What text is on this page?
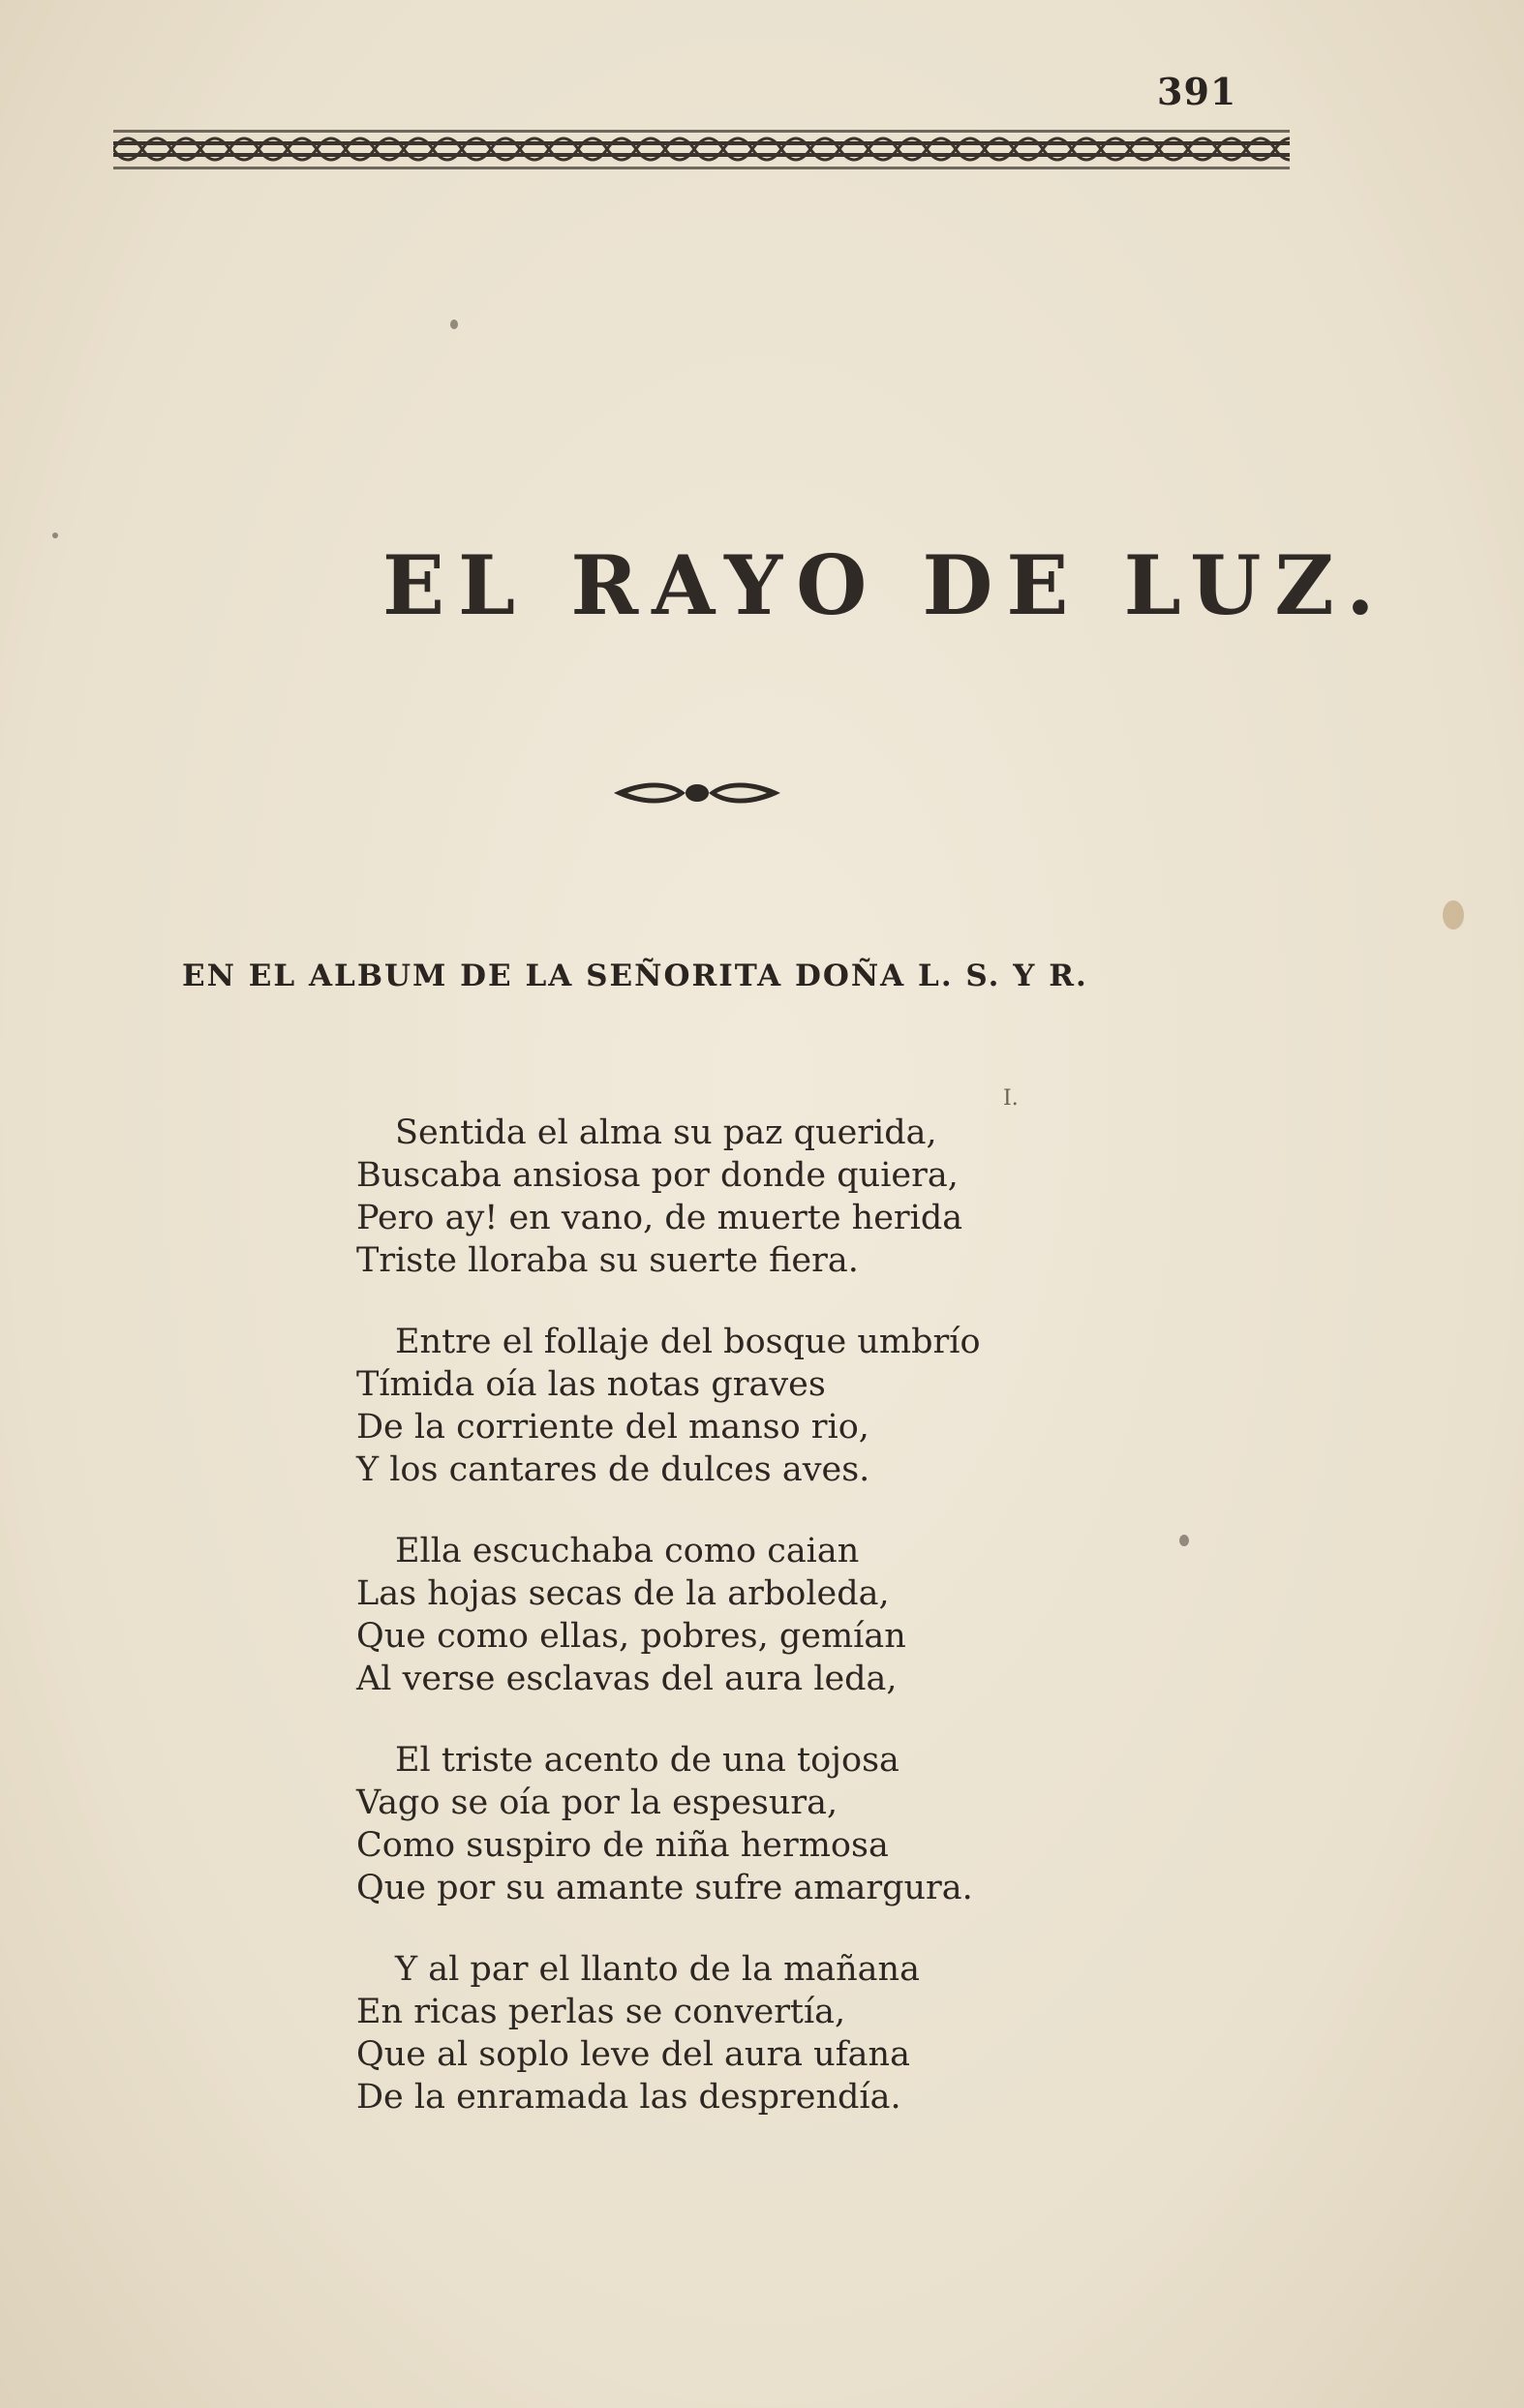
391
EL RAYO DE LUZ.
EN EL ALBUM DE LA SEÑORITA DOÑA L. S. Y R.
I.
Sentida el alma su paz querida,
Buscaba ansiosa por donde quiera,
Pero ay! en vano, de muerte herida
Triste lloraba su suerte fiera.
Entre el follaje del bosque umbrío
Tímida oía las notas graves
De la corriente del manso rio,
Y los cantares de dulces aves.
Ella escuchaba como caian
Las hojas secas de la arboleda,
Que como ellas, pobres, gemían
Al verse esclavas del aura leda,
El triste acento de una tojosa
Vago se oía por la espesura,
Como suspiro de niña hermosa
Que por su amante sufre amargura.
Y al par el llanto de la mañana
En ricas perlas se convertía,
Que al soplo leve del aura ufana
De la enramada las desprendía.
